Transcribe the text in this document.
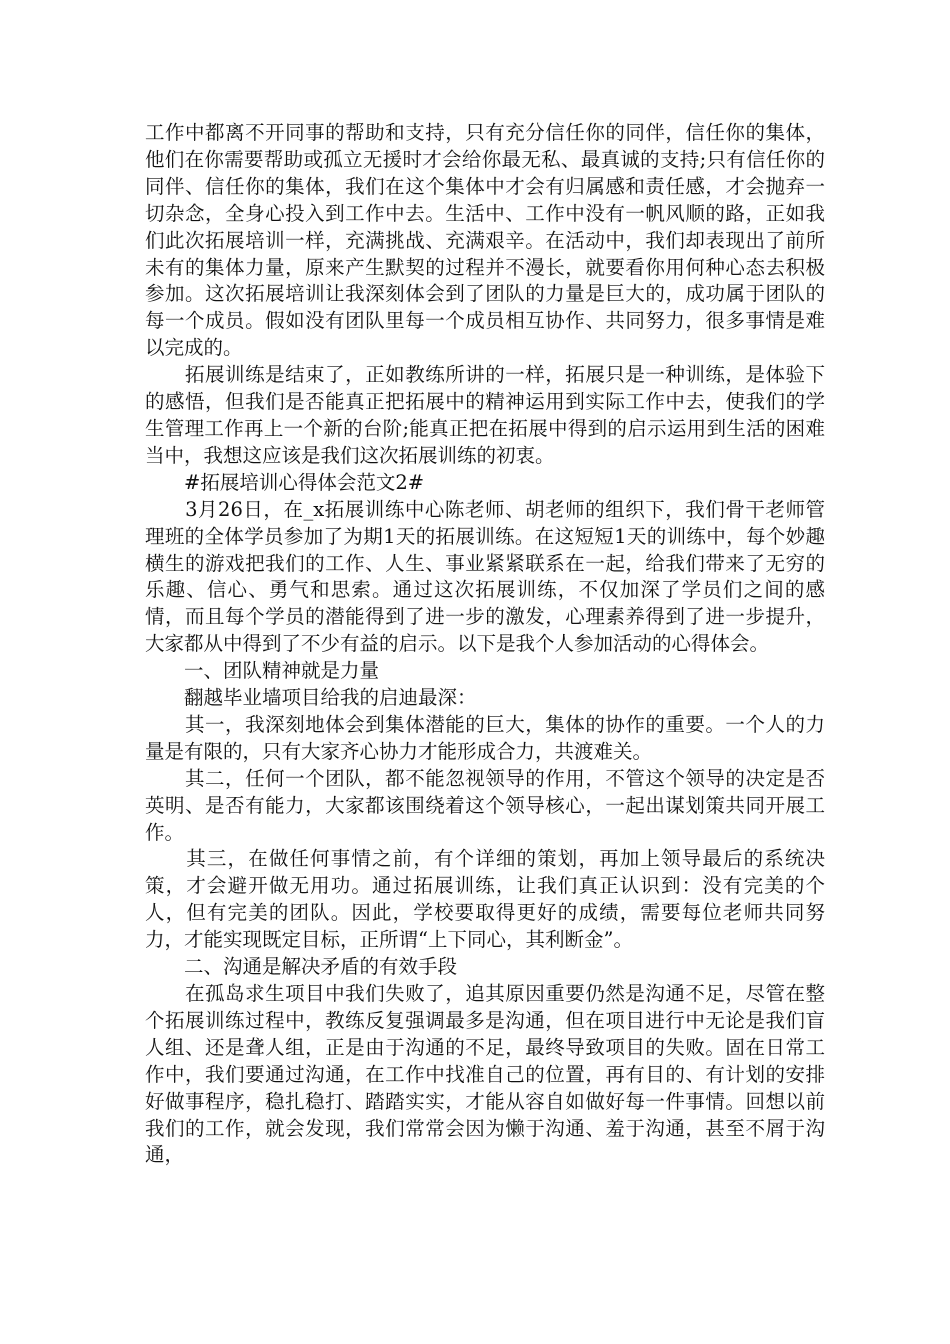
工作中都离不开同事的帮助和支持，只有充分信任你的同伴，信任你的集体，他们在你需要帮助或孤立无援时才会给你最无私、最真诚的支持;只有信任你的同伴、信任你的集体，我们在这个集体中才会有归属感和责任感，才会抛弃一切杂念，全身心投入到工作中去。生活中、工作中没有一帆风顺的路，正如我们此次拓展培训一样，充满挑战、充满艰辛。在活动中，我们却表现出了前所未有的集体力量，原来产生默契的过程并不漫长，就要看你用何种心态去积极参加。这次拓展培训让我深刻体会到了团队的力量是巨大的，成功属于团队的每一个成员。假如没有团队里每一个成员相互协作、共同努力，很多事情是难以完成的。

　　拓展训练是结束了，正如教练所讲的一样，拓展只是一种训练，是体验下的感悟，但我们是否能真正把拓展中的精神运用到实际工作中去，使我们的学生管理工作再上一个新的台阶;能真正把在拓展中得到的启示运用到生活的困难当中，我想这应该是我们这次拓展训练的初衷。

　　#拓展培训心得体会范文2#

　　3月26日，在_x拓展训练中心陈老师、胡老师的组织下，我们骨干老师管理班的全体学员参加了为期1天的拓展训练。在这短短1天的训练中，每个妙趣横生的游戏把我们的工作、人生、事业紧紧联系在一起，给我们带来了无穷的乐趣、信心、勇气和思索。通过这次拓展训练，不仅加深了学员们之间的感情，而且每个学员的潜能得到了进一步的激发，心理素养得到了进一步提升，大家都从中得到了不少有益的启示。以下是我个人参加活动的心得体会。

　　一、团队精神就是力量

　　翻越毕业墙项目给我的启迪最深：

　　其一，我深刻地体会到集体潜能的巨大，集体的协作的重要。一个人的力量是有限的，只有大家齐心协力才能形成合力，共渡难关。

　　其二，任何一个团队，都不能忽视领导的作用，不管这个领导的决定是否英明、是否有能力，大家都该围绕着这个领导核心，一起出谋划策共同开展工作。

　　其三，在做任何事情之前，有个详细的策划，再加上领导最后的系统决策，才会避开做无用功。通过拓展训练，让我们真正认识到：没有完美的个人，但有完美的团队。因此，学校要取得更好的成绩，需要每位老师共同努力，才能实现既定目标，正所谓“上下同心，其利断金”。

　　二、沟通是解决矛盾的有效手段

　　在孤岛求生项目中我们失败了，追其原因重要仍然是沟通不足，尽管在整个拓展训练过程中，教练反复强调最多是沟通，但在项目进行中无论是我们盲人组、还是聋人组，正是由于沟通的不足，最终导致项目的失败。固在日常工作中，我们要通过沟通，在工作中找准自己的位置，再有目的、有计划的安排好做事程序，稳扎稳打、踏踏实实，才能从容自如做好每一件事情。回想以前我们的工作，就会发现，我们常常会因为懒于沟通、羞于沟通，甚至不屑于沟通，
